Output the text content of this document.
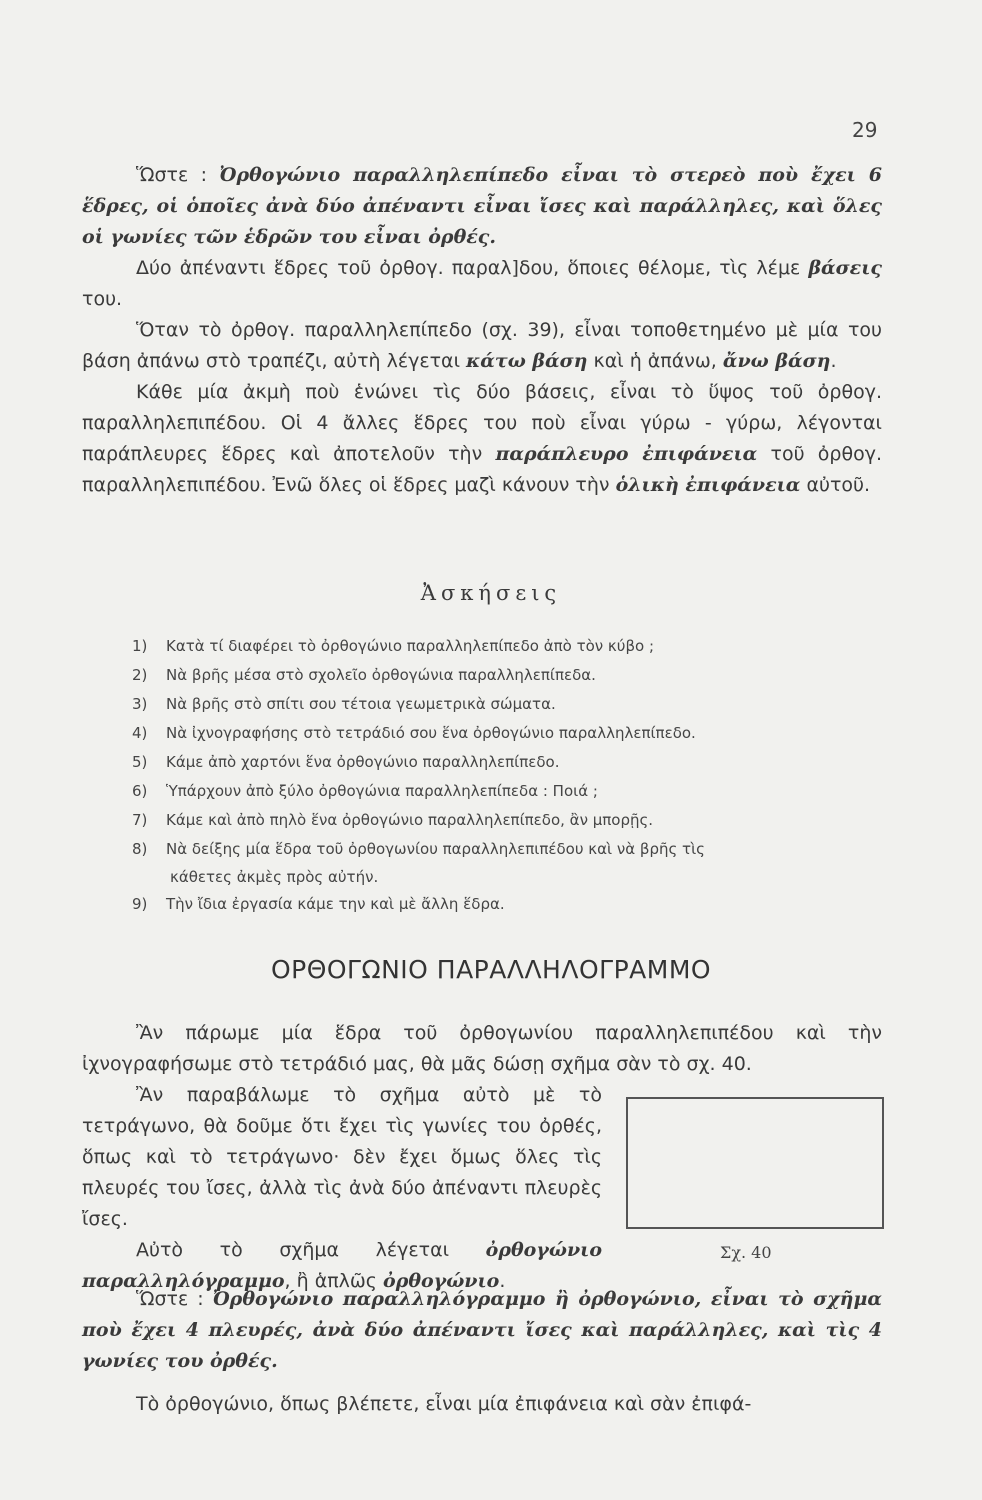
29

Ὥστε : Ὀρθογώνιο παραλληλεπίπεδο εἶναι τὸ στερεὸ ποὺ ἔχει 6 ἕδρες, οἱ ὁποῖες ἀνὰ δύο ἀπέναντι εἶναι ἴσες καὶ παράλληλες, καὶ ὅλες οἱ γωνίες τῶν ἑδρῶν του εἶναι ὀρθές.

Δύο ἀπέναντι ἕδρες τοῦ ὀρθογ. παραλ]δου, ὅποιες θέλομε, τὶς λέμε βάσεις του.

Ὅταν τὸ ὀρθογ. παραλληλεπίπεδο (σχ. 39), εἶναι τοποθετημένο μὲ μία του βάση ἀπάνω στὸ τραπέζι, αὐτὴ λέγεται κάτω βάση καὶ ἡ ἀπάνω, ἄνω βάση.

Κάθε μία ἀκμὴ ποὺ ἑνώνει τὶς δύο βάσεις, εἶναι τὸ ὕψος τοῦ ὀρθογ. παραλληλεπιπέδου. Οἱ 4 ἄλλες ἕδρες του ποὺ εἶναι γύρω - γύρω, λέγονται παράπλευρες ἕδρες καὶ ἀποτελοῦν τὴν παράπλευρο ἐπιφάνεια τοῦ ὀρθογ. παραλληλεπιπέδου. Ἐνῶ ὅλες οἱ ἕδρες μαζὶ κάνουν τὴν ὁλικὴ ἐπιφάνεια αὐτοῦ.

Ἀσκήσεις
1)	Κατὰ τί διαφέρει τὸ ὀρθογώνιο παραλληλεπίπεδο ἀπὸ τὸν κύβο ;
2)	Νὰ βρῆς μέσα στὸ σχολεῖο ὀρθογώνια παραλληλεπίπεδα.
3)	Νὰ βρῆς στὸ σπίτι σου τέτοια γεωμετρικὰ σώματα.
4)	Νὰ ἰχνογραφήσης στὸ τετράδιό σου ἕνα ὀρθογώνιο παραλληλεπίπεδο.
5)	Κάμε ἀπὸ χαρτόνι ἕνα ὀρθογώνιο παραλληλεπίπεδο.
6)	Ὑπάρχουν ἀπὸ ξύλο ὀρθογώνια παραλληλεπίπεδα : Ποιά ;
7)	Κάμε καὶ ἀπὸ πηλὸ ἕνα ὀρθογώνιο παραλληλεπίπεδο, ἂν μπορῇς.
8)	Νὰ δείξης μία ἕδρα τοῦ ὀρθογωνίου παραλληλεπιπέδου καὶ νὰ βρῆς τὶς
κάθετες ἀκμὲς πρὸς αὐτήν.
9)	Τὴν ἴδια ἐργασία κάμε την καὶ μὲ ἄλλη ἕδρα.
ΟΡΘΟΓΩΝΙΟ ΠΑΡΑΛΛΗΛΟΓΡΑΜΜΟ

Ἂν πάρωμε μία ἕδρα τοῦ ὀρθογωνίου παραλληλεπιπέδου καὶ τὴν ἰχνογραφήσωμε στὸ τετράδιό μας, θὰ μᾶς δώσῃ σχῆμα σὰν τὸ σχ. 40.

Ἂν παραβάλωμε τὸ σχῆμα αὐτὸ μὲ τὸ τετράγωνο, θὰ δοῦμε ὅτι ἔχει τὶς γωνίες του ὀρθές, ὅπως καὶ τὸ τετράγωνο· δὲν ἔχει ὅμως ὅλες τὶς πλευρές του ἴσες, ἀλλὰ τὶς ἀνὰ δύο ἀπέναντι πλευρὲς ἴσες.

Αὐτὸ τὸ σχῆμα λέγεται ὀρθογώνιο παραλληλόγραμμο, ἢ ἁπλῶς ὀρθογώνιο.

Σχ. 40

Ὥστε : Ὀρθογώνιο παραλληλόγραμμο ἢ ὀρθογώνιο, εἶναι τὸ σχῆμα ποὺ ἔχει 4 πλευρές, ἀνὰ δύο ἀπέναντι ἴσες καὶ παράλληλες, καὶ τὶς 4 γωνίες του ὀρθές.

Τὸ ὀρθογώνιο, ὅπως βλέπετε, εἶναι μία ἐπιφάνεια καὶ σὰν ἐπιφά-
